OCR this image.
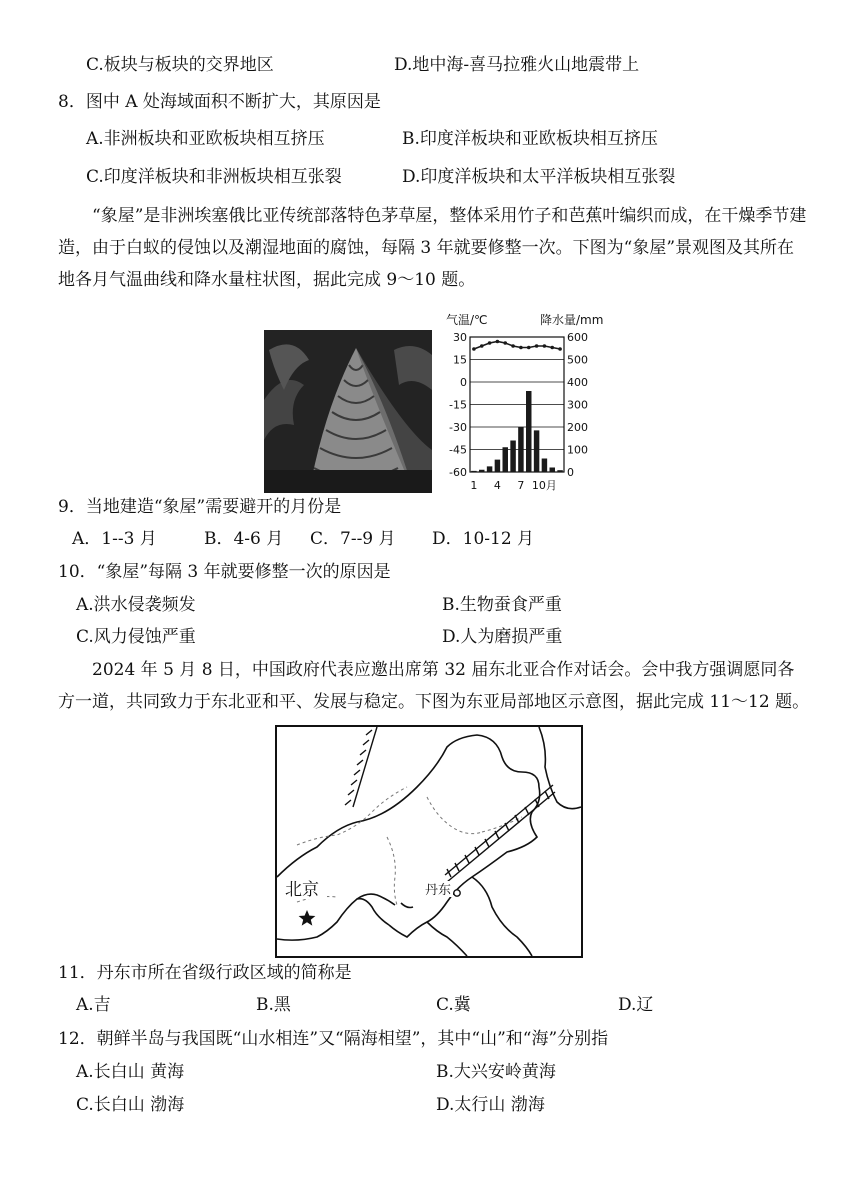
C.板块与板块的交界地区	D.地中海-喜马拉雅火山地震带上
8．图中 A 处海域面积不断扩大，其原因是
A.非洲板块和亚欧板块相互挤压	B.印度洋板块和亚欧板块相互挤压
C.印度洋板块和非洲板块相互张裂	D.印度洋板块和太平洋板块相互张裂
“象屋”是非洲埃塞俄比亚传统部落特色茅草屋，整体采用竹子和芭蕉叶编织而成，在干燥季节建造，由于白蚁的侵蚀以及潮湿地面的腐蚀，每隔 3 年就要修整一次。下图为“象屋”景观图及其所在地各月气温曲线和降水量柱状图，据此完成 9～10 题。
30
15
0
-15
-30
-45
-60
600
500
400
300
200
100
0
气温/℃	降水量/mm
1 4 7 10月
9．当地建造“象屋”需要避开的月份是
A．1--3 月	B．4-6 月 C．7--9 月 D．10-12 月
10．“象屋”每隔 3 年就要修整一次的原因是
A.洪水侵袭频发	B.生物蚕食严重
C.风力侵蚀严重	D.人为磨损严重
2024 年 5 月 8 日，中国政府代表应邀出席第 32 届东北亚合作对话会。会中我方强调愿同各方一道，共同致力于东北亚和平、发展与稳定。下图为东亚局部地区示意图，据此完成 11～12 题。
北京	丹东
11．丹东市所在省级行政区域的简称是
A.吉	B.黑	C.冀	D.辽
12．朝鲜半岛与我国既“山水相连”又“隔海相望”，其中“山”和“海”分别指
A.长白山 黄海	B.大兴安岭黄海
C.长白山 渤海	D.太行山 渤海
